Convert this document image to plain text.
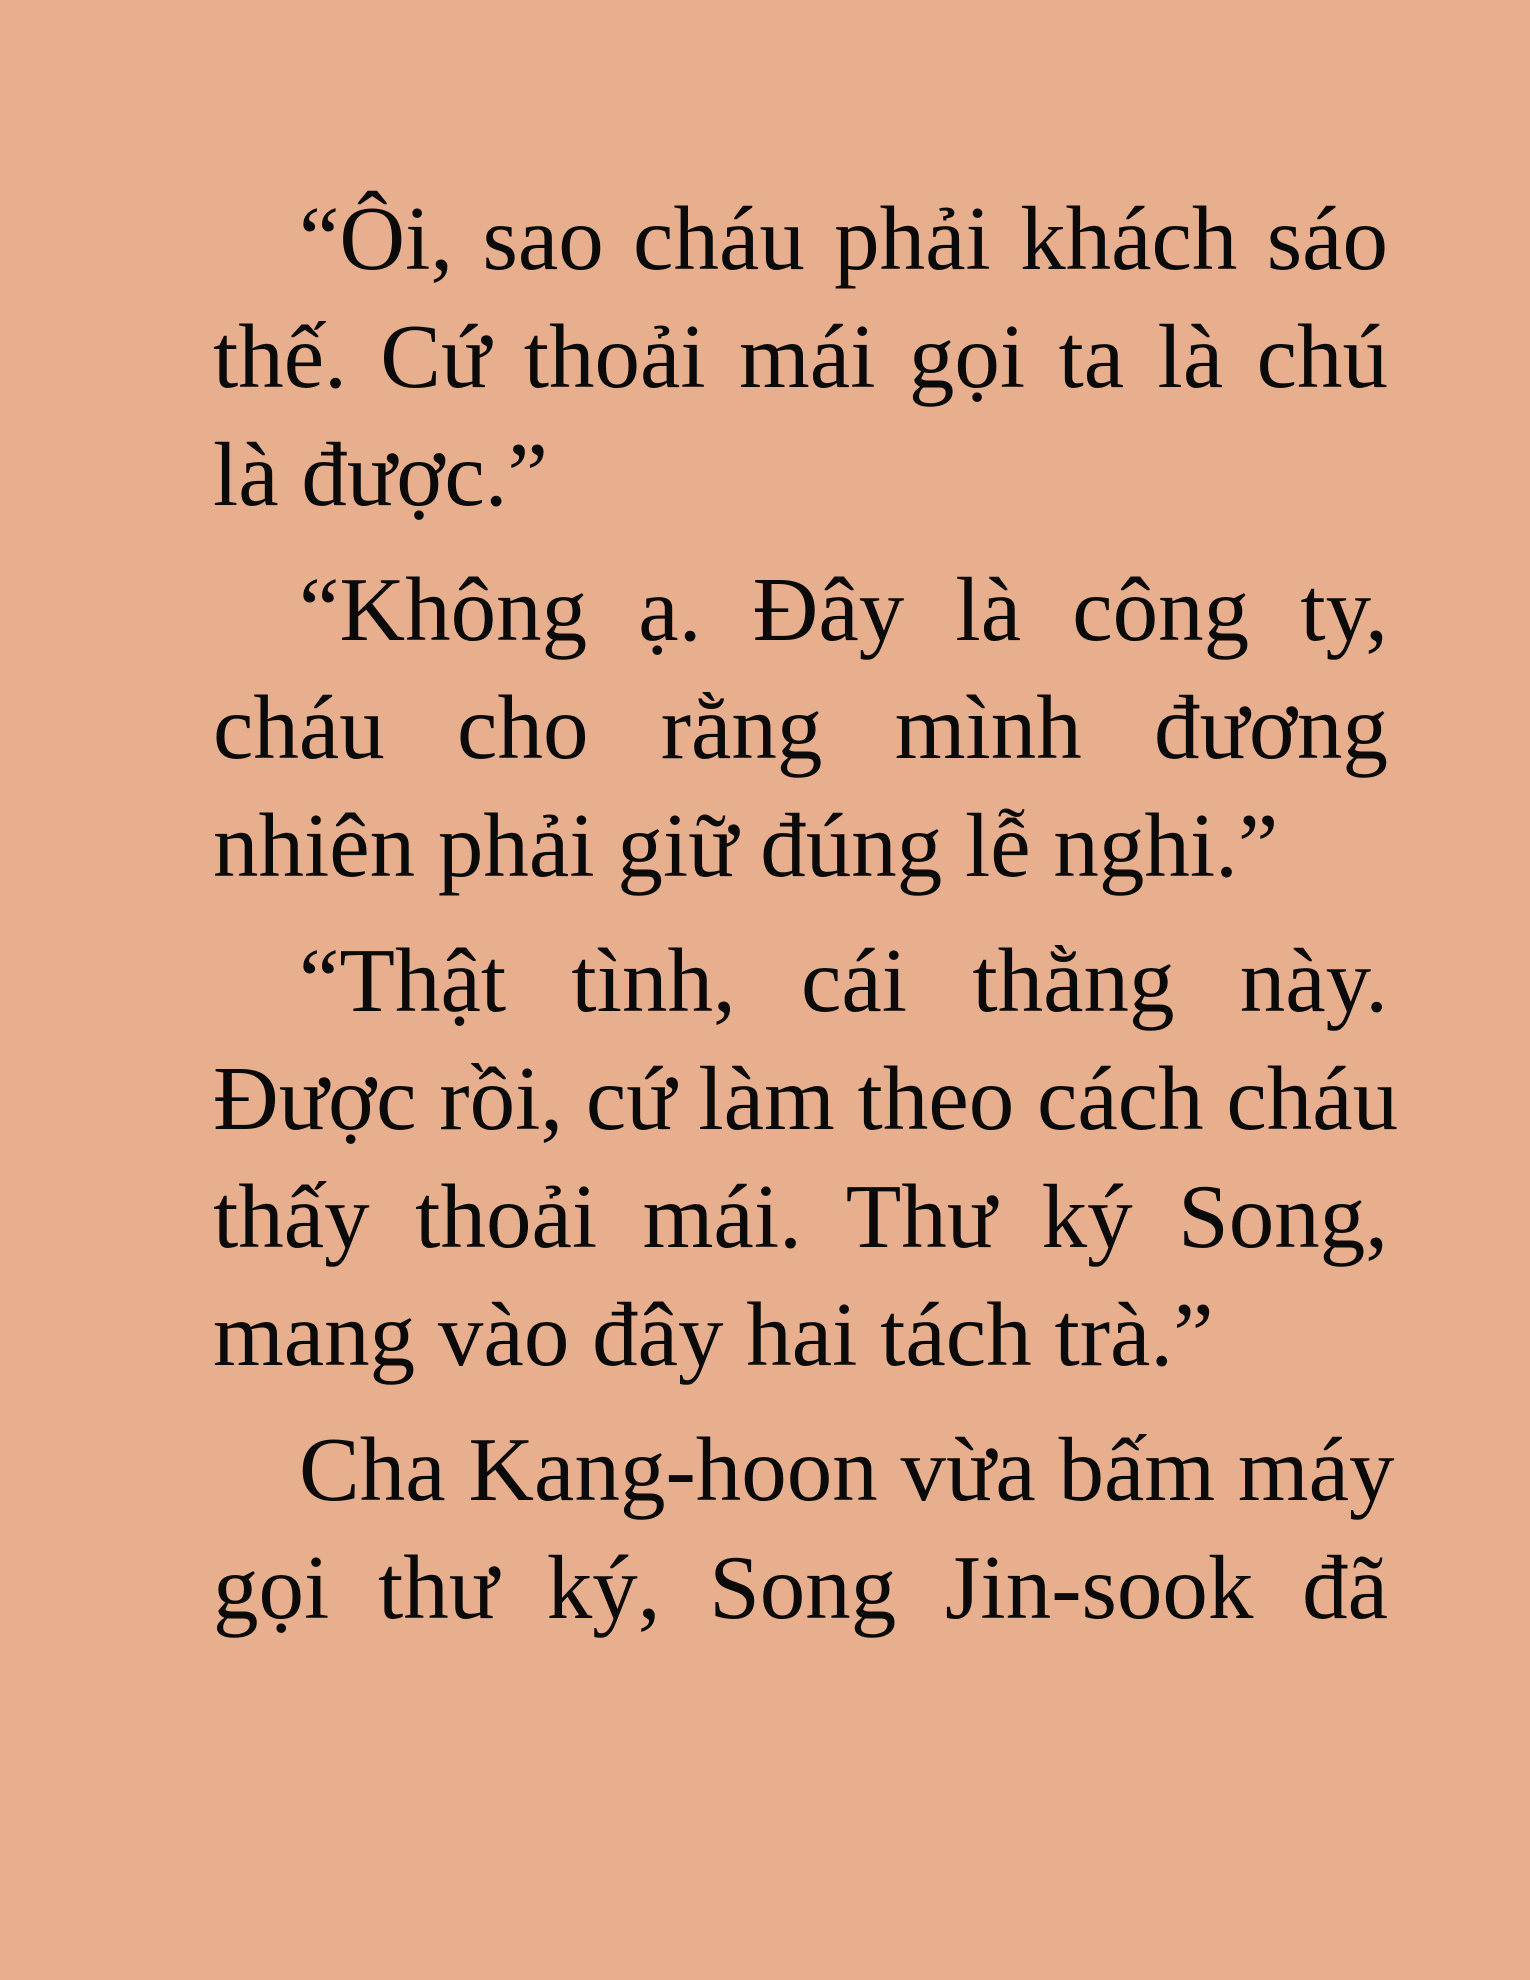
“Ôi, sao cháu phải khách sáo
thế. Cứ thoải mái gọi ta là chú
là được.”
“Không ạ. Đây là công ty,
cháu cho rằng mình đương
nhiên phải giữ đúng lễ nghi.”
“Thật tình, cái thằng này.
Được rồi, cứ làm theo cách cháu
thấy thoải mái. Thư ký Song,
mang vào đây hai tách trà.”
Cha Kang-hoon vừa bấm máy
gọi thư ký, Song Jin-sook đã
